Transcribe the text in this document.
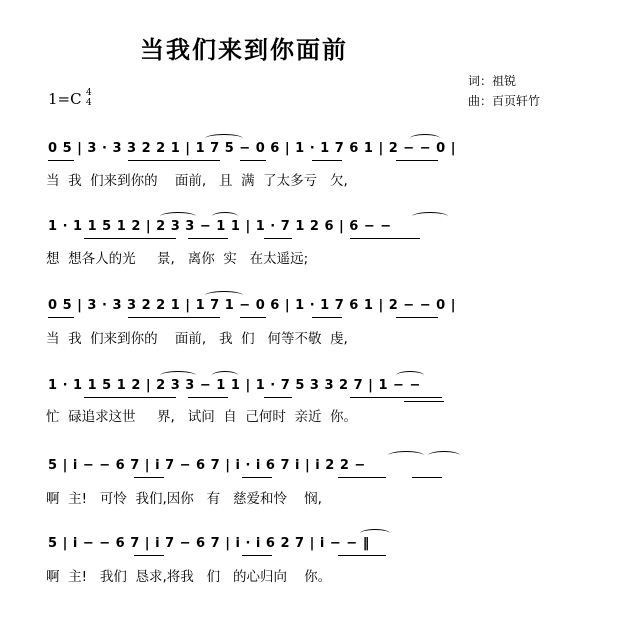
当我们来到你面前
词：祖锐
曲：百页轩竹
1=C 4
4
0 5 | 3 · 3 3 2 2 1 | 1 7 5 − 0 6 | 1 · 1 7 6 1 | 2 − − 0 |
当  我  们来到你的    面前,   且  满  了太多亏   欠,
1 · 1 1 5 1 2 | 2 3 3 − 1 1 | 1 · 7 1 2 6 | 6 − −
想  想各人的光     景,   离你  实   在太遥远;
0 5 | 3 · 3 3 2 2 1 | 1 7 1 − 0 6 | 1 · 1 7 6 1 | 2 − − 0 |
当  我  们来到你的    面前,   我  们   何等不敬  虔,
1 · 1 1 5 1 2 | 2 3 3 − 1 1 | 1 · 7 5 3 3 2 7 | 1 − −
忙  碌追求这世     界,   试问  自  己何时  亲近  你。
5 | i − − 6 7 | i 7 − 6 7 | i · i 6 7 i | i 2 2 −
啊  主!   可怜  我们,因你   有   慈爱和怜    悯,
5 | i − − 6 7 | i 7 − 6 7 | i · i 6 2 7 | i − − ‖
啊  主!   我们  恳求,将我   们   的心归向    你。
